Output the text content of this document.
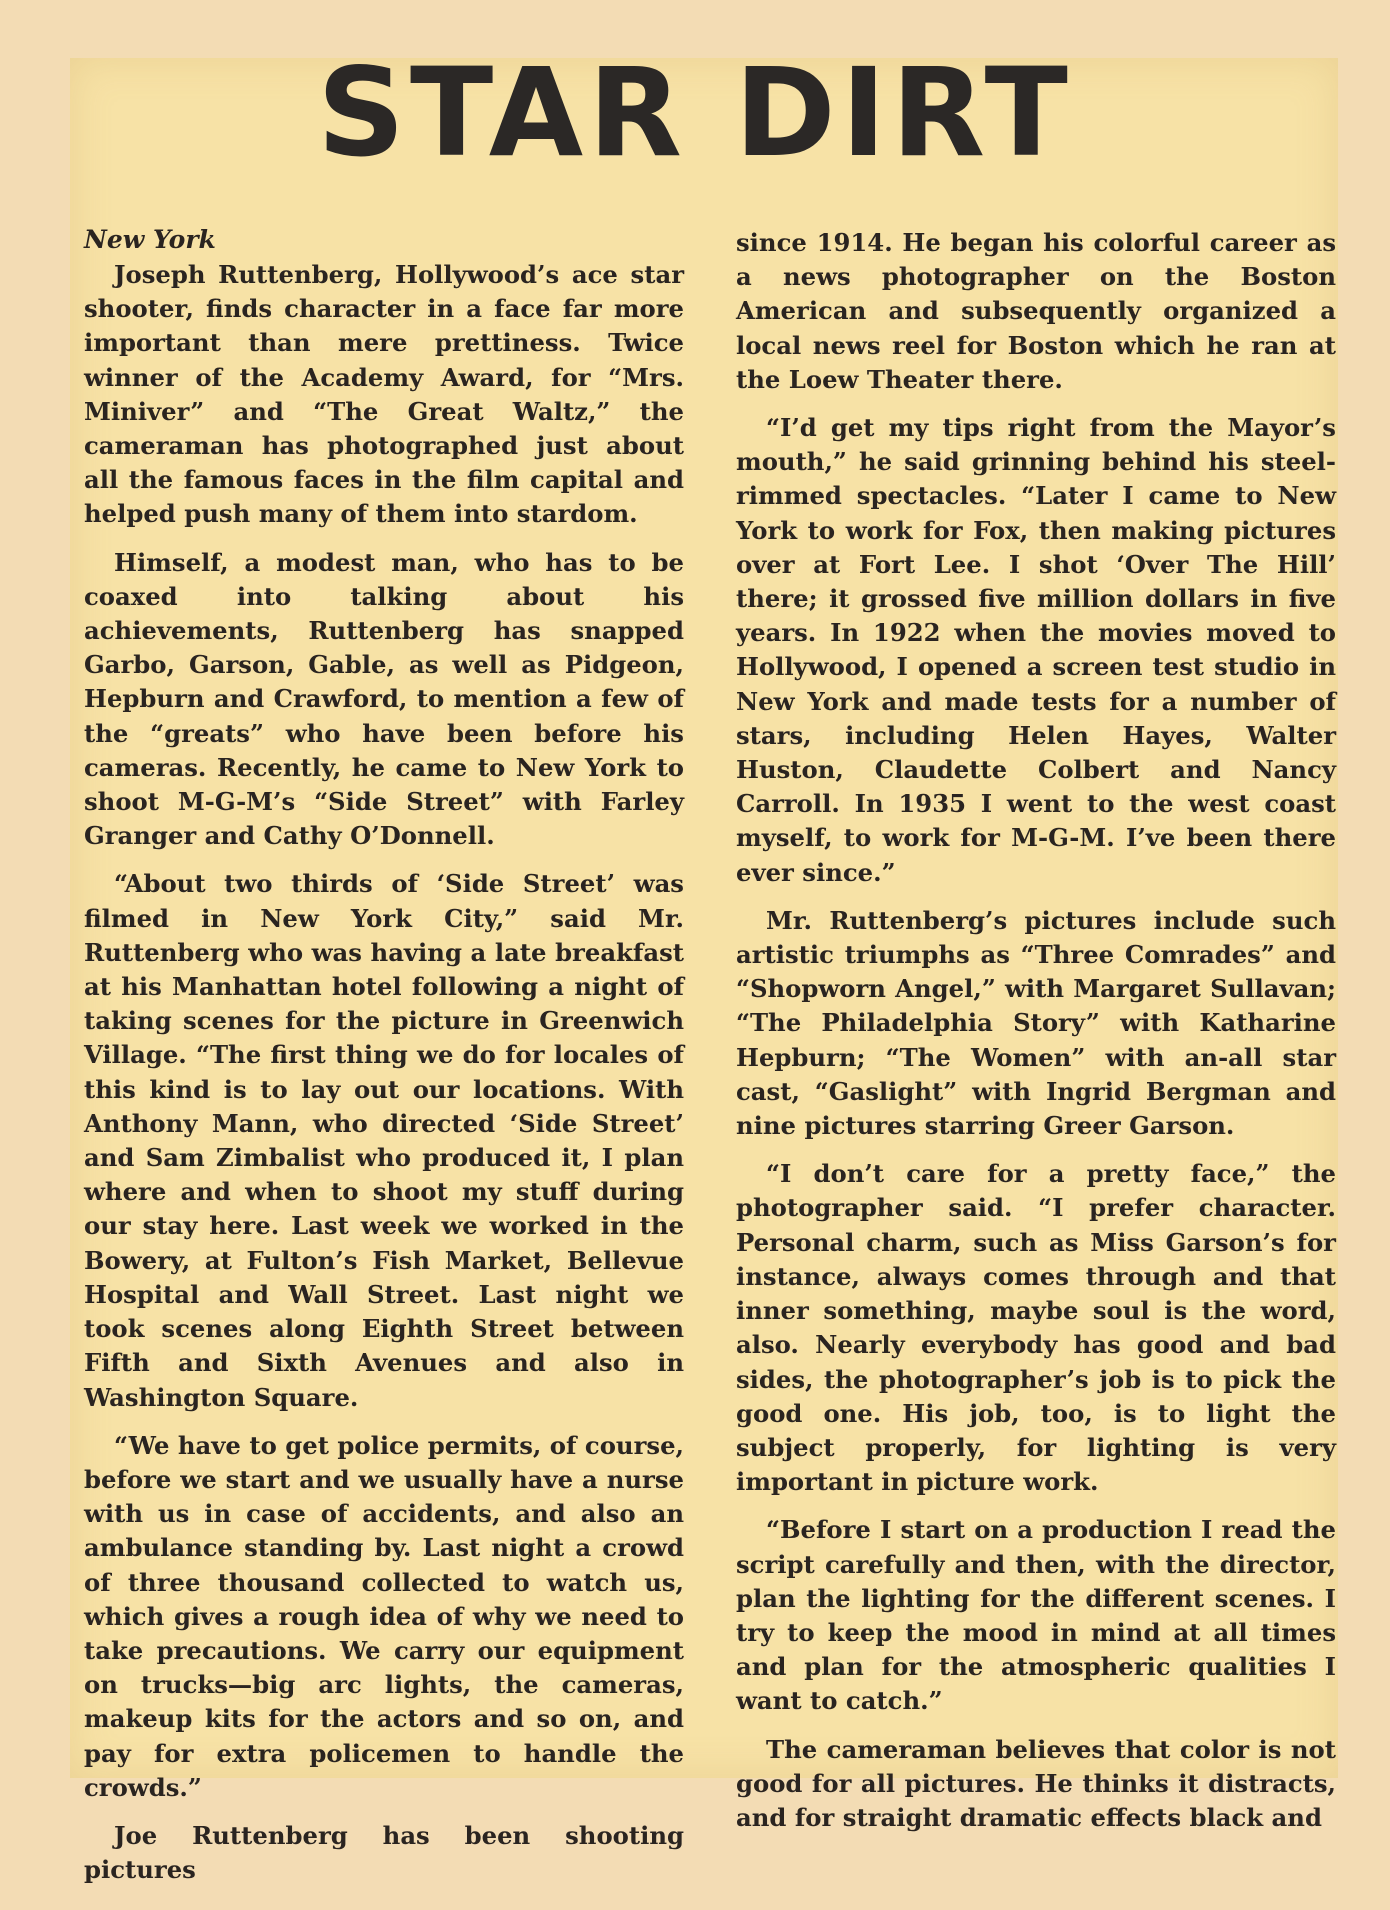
STAR DIRT
New York

Joseph Ruttenberg, Hollywood’s ace star shooter, finds character in a face far more important than mere prettiness. Twice winner of the Academy Award, for “Mrs. Miniver” and “The Great Waltz,” the cameraman has photographed just about all the famous faces in the film capital and helped push many of them into stardom.

Himself, a modest man, who has to be coaxed into talking about his achievements, Ruttenberg has snapped Garbo, Garson, Gable, as well as Pidgeon, Hepburn and Crawford, to mention a few of the “greats” who have been before his cameras. Recently, he came to New York to shoot M-G-M’s “Side Street” with Farley Granger and Cathy O’Donnell.

“About two thirds of ‘Side Street’ was filmed in New York City,” said Mr. Ruttenberg who was having a late breakfast at his Manhattan hotel following a night of taking scenes for the picture in Greenwich Village. “The first thing we do for locales of this kind is to lay out our locations. With Anthony Mann, who directed ‘Side Street’ and Sam Zimbalist who produced it, I plan where and when to shoot my stuff during our stay here. Last week we worked in the Bowery, at Fulton’s Fish Market, Bellevue Hospital and Wall Street. Last night we took scenes along Eighth Street between Fifth and Sixth Avenues and also in Washington Square.

“We have to get police permits, of course, before we start and we usually have a nurse with us in case of accidents, and also an ambulance standing by. Last night a crowd of three thousand collected to watch us, which gives a rough idea of why we need to take precautions. We carry our equipment on trucks—big arc lights, the cameras, makeup kits for the actors and so on, and pay for extra policemen to handle the crowds.”

Joe Ruttenberg has been shooting pictures

since 1914. He began his colorful career as a news photographer on the Boston American and subsequently organized a local news reel for Boston which he ran at the Loew Theater there.

“I’d get my tips right from the Mayor’s mouth,” he said grinning behind his steel-rimmed spectacles. “Later I came to New York to work for Fox, then making pictures over at Fort Lee. I shot ‘Over The Hill’ there; it grossed five million dollars in five years. In 1922 when the movies moved to Hollywood, I opened a screen test studio in New York and made tests for a number of stars, including Helen Hayes, Walter Huston, Claudette Colbert and Nancy Carroll. In 1935 I went to the west coast myself, to work for M-G-M. I’ve been there ever since.”

Mr. Ruttenberg’s pictures include such artistic triumphs as “Three Comrades” and “Shopworn Angel,” with Margaret Sullavan; “The Philadelphia Story” with Katharine Hepburn; “The Women” with an-all star cast, “Gaslight” with Ingrid Bergman and nine pictures starring Greer Garson.

“I don’t care for a pretty face,” the photographer said. “I prefer character. Personal charm, such as Miss Garson’s for instance, always comes through and that inner something, maybe soul is the word, also. Nearly everybody has good and bad sides, the photographer’s job is to pick the good one. His job, too, is to light the subject properly, for lighting is very important in picture work.

“Before I start on a production I read the script carefully and then, with the director, plan the lighting for the different scenes. I try to keep the mood in mind at all times and plan for the atmospheric qualities I want to catch.”

The cameraman believes that color is not good for all pictures. He thinks it distracts, and for straight dramatic effects black and
